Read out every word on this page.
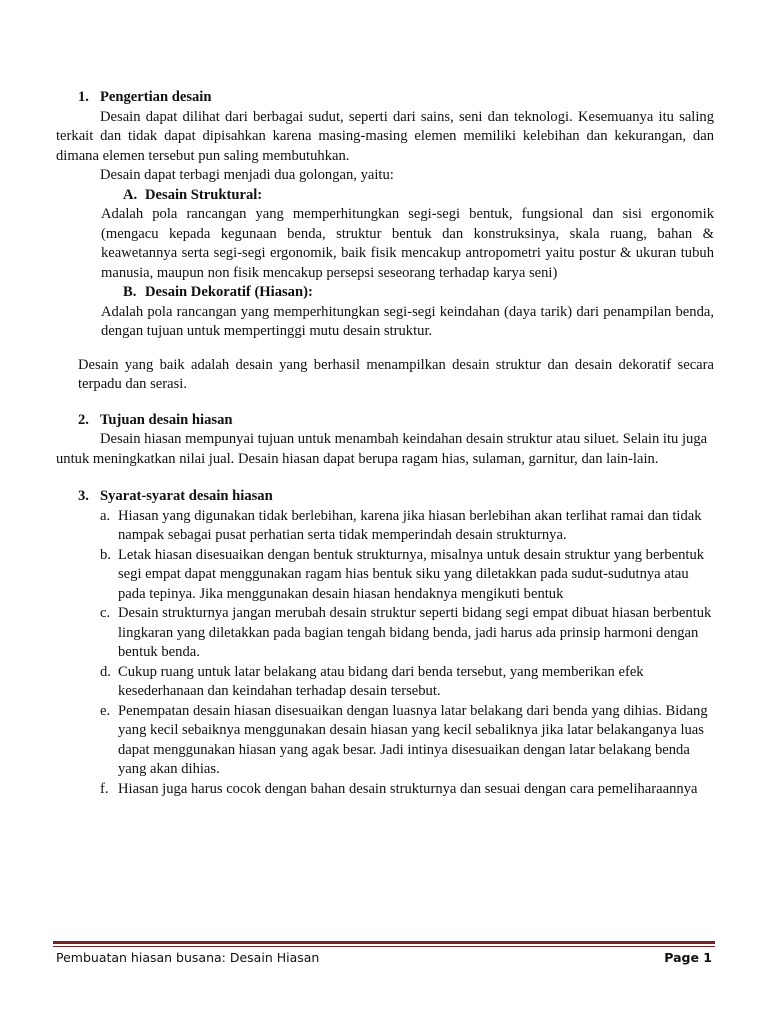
1. Pengertian desain

Desain dapat dilihat dari berbagai sudut, seperti dari sains, seni dan teknologi. Kesemuanya itu saling terkait dan tidak dapat dipisahkan karena masing-masing elemen memiliki kelebihan dan kekurangan, dan dimana elemen tersebut pun saling membutuhkan.

Desain dapat terbagi menjadi dua golongan, yaitu:

A. Desain Struktural:

Adalah pola rancangan yang memperhitungkan segi-segi bentuk, fungsional dan sisi ergonomik (mengacu kepada kegunaan benda, struktur bentuk dan konstruksinya, skala ruang, bahan & keawetannya serta segi-segi ergonomik, baik fisik mencakup antropometri yaitu postur & ukuran tubuh manusia, maupun non fisik mencakup persepsi seseorang terhadap karya seni)

B. Desain Dekoratif (Hiasan):

Adalah pola rancangan yang memperhitungkan segi-segi keindahan (daya tarik) dari penampilan benda, dengan tujuan untuk mempertinggi mutu desain struktur.

Desain yang baik adalah desain yang berhasil menampilkan desain struktur dan desain dekoratif secara terpadu dan serasi.

2. Tujuan desain hiasan

Desain hiasan mempunyai tujuan untuk menambah keindahan desain struktur atau siluet. Selain itu juga untuk meningkatkan nilai jual. Desain hiasan dapat berupa ragam hias, sulaman, garnitur, dan lain-lain.

3. Syarat-syarat desain hiasan

a. Hiasan yang digunakan tidak berlebihan, karena jika hiasan berlebihan akan terlihat ramai dan tidak nampak sebagai pusat perhatian serta tidak memperindah desain strukturnya.

b. Letak hiasan disesuaikan dengan bentuk strukturnya, misalnya untuk desain struktur yang berbentuk segi empat dapat menggunakan ragam hias bentuk siku yang diletakkan pada sudut-sudutnya atau pada tepinya. Jika menggunakan desain hiasan hendaknya mengikuti bentuk

c. Desain strukturnya jangan merubah desain struktur seperti bidang segi empat dibuat hiasan berbentuk lingkaran yang diletakkan pada bagian tengah bidang benda, jadi harus ada prinsip harmoni dengan bentuk benda.

d. Cukup ruang untuk latar belakang atau bidang dari benda tersebut, yang memberikan efek kesederhanaan dan keindahan terhadap desain tersebut.

e. Penempatan desain hiasan disesuaikan dengan luasnya latar belakang dari benda yang dihias. Bidang yang kecil sebaiknya menggunakan desain hiasan yang kecil sebaliknya jika latar belakanganya luas dapat menggunakan hiasan yang agak besar. Jadi intinya disesuaikan dengan latar belakang benda yang akan dihias.

f. Hiasan juga harus cocok dengan bahan desain strukturnya dan sesuai dengan cara pemeliharaannya

Pembuatan hiasan busana: Desain Hiasan	Page 1
